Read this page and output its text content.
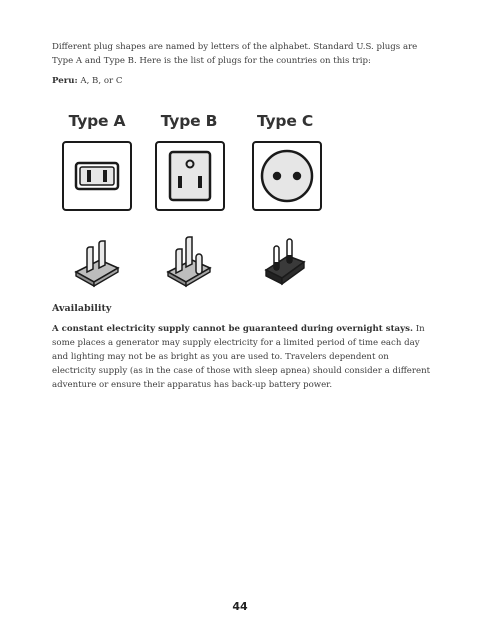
Different plug shapes are named by letters of the alphabet. Standard U.S. plugs are Type A and Type B. Here is the list of plugs for the countries on this trip:

Peru: A, B, or C

Type A	Type B	Type C
Availability

A constant electricity supply cannot be guaranteed during overnight stays. In some places a generator may supply electricity for a limited period of time each day and lighting may not be as bright as you are used to. Travelers dependent on electricity supply (as in the case of those with sleep apnea) should consider a different adventure or ensure their apparatus has back-up battery power.

44
